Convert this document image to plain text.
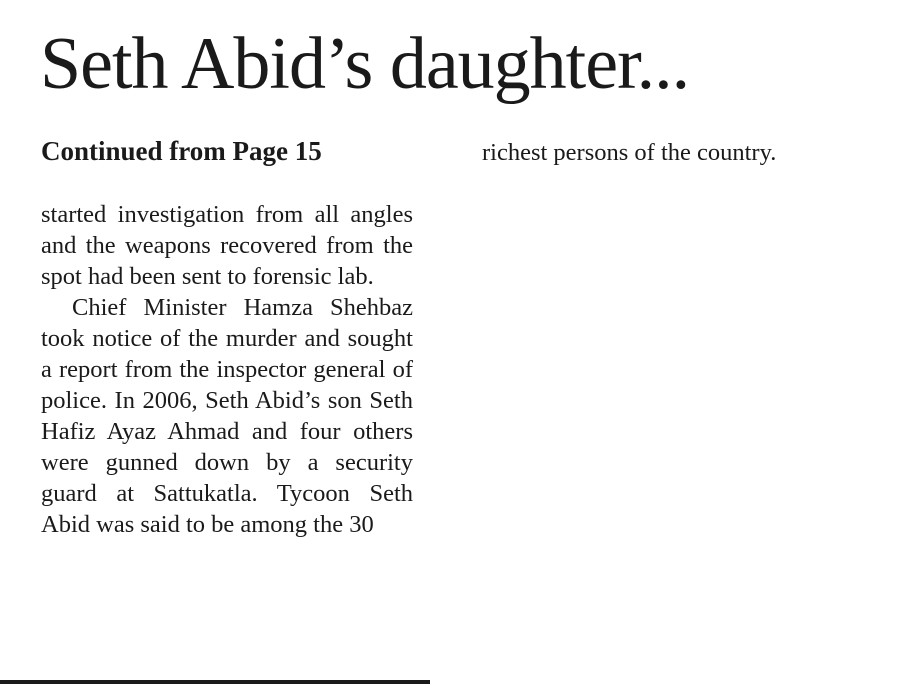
Seth Abid’s daughter...

Continued from Page 15

started investigation from all angles and the weapons recovered from the spot had been sent to forensic lab.

Chief Minister Hamza Shehbaz took notice of the murder and sought a report from the inspector general of police. In 2006, Seth Abid’s son Seth Hafiz Ayaz Ahmad and four others were gunned down by a security guard at Sattukatla. Tycoon Seth Abid was said to be among the 30

richest persons of the country.
